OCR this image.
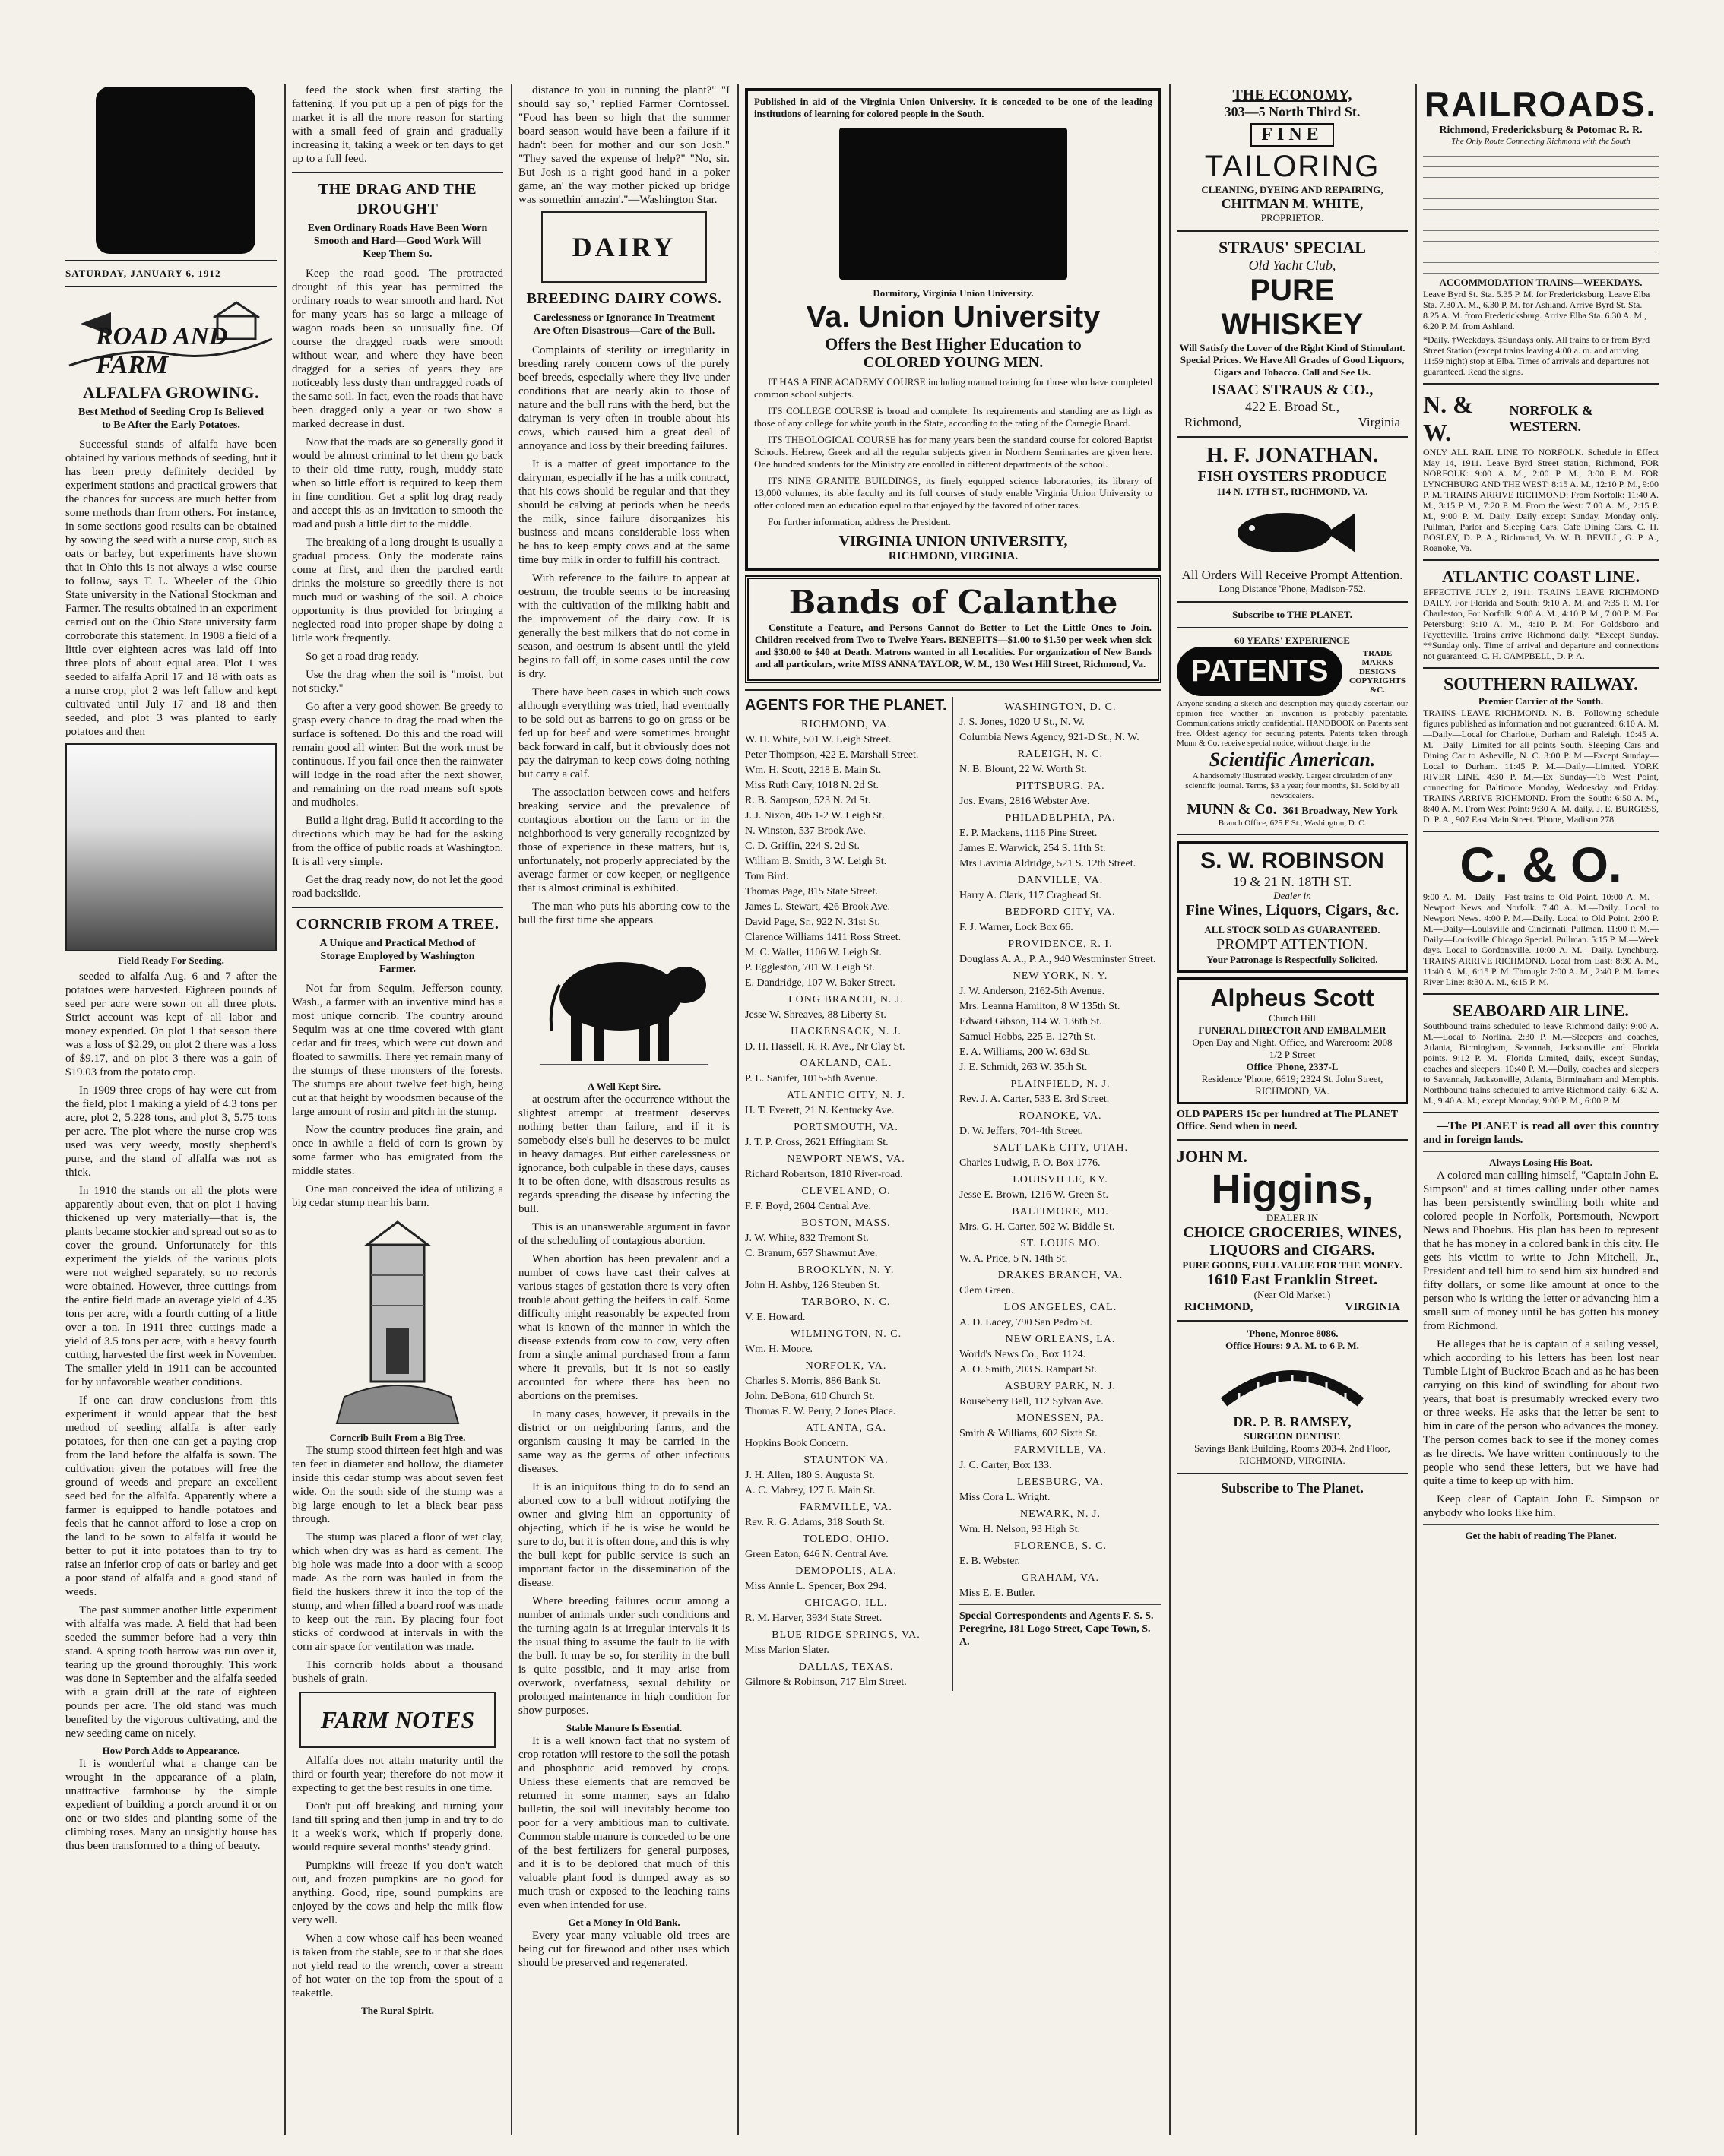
SATURDAY, JANUARY 6, 1912
ROAD AND FARM
ALFALFA GROWING.
Best Method of Seeding Crop Is Believed to Be After the Early Potatoes.

Successful stands of alfalfa have been obtained by various methods of seeding, but it has been pretty definitely decided by experiment stations and practical growers that the chances for success are much better from some methods than from others. For instance, in some sections good results can be obtained by sowing the seed with a nurse crop, such as oats or barley, but experiments have shown that in Ohio this is not always a wise course to follow, says T. L. Wheeler of the Ohio State university in the National Stockman and Farmer. The results obtained in an experiment carried out on the Ohio State university farm corroborate this statement. In 1908 a field of a little over eighteen acres was laid off into three plots of about equal area. Plot 1 was seeded to alfalfa April 17 and 18 with oats as a nurse crop, plot 2 was left fallow and kept cultivated until July 17 and 18 and then seeded, and plot 3 was planted to early potatoes and then

Field Ready For Seeding.

seeded to alfalfa Aug. 6 and 7 after the potatoes were harvested. Eighteen pounds of seed per acre were sown on all three plots. Strict account was kept of all labor and money expended. On plot 1 that season there was a loss of $2.29, on plot 2 there was a loss of $9.17, and on plot 3 there was a gain of $19.03 from the potato crop.

In 1909 three crops of hay were cut from the field, plot 1 making a yield of 4.3 tons per acre, plot 2, 5.228 tons, and plot 3, 5.75 tons per acre. The plot where the nurse crop was used was very weedy, mostly shepherd's purse, and the stand of alfalfa was not as thick.

In 1910 the stands on all the plots were apparently about even, that on plot 1 having thickened up very materially—that is, the plants became stockier and spread out so as to cover the ground. Unfortunately for this experiment the yields of the various plots were not weighed separately, so no records were obtained. However, three cuttings from the entire field made an average yield of 4.35 tons per acre, with a fourth cutting of a little over a ton. In 1911 three cuttings made a yield of 3.5 tons per acre, with a heavy fourth cutting, harvested the first week in November. The smaller yield in 1911 can be accounted for by unfavorable weather conditions.

If one can draw conclusions from this experiment it would appear that the best method of seeding alfalfa is after early potatoes, for then one can get a paying crop from the land before the alfalfa is sown. The cultivation given the potatoes will free the ground of weeds and prepare an excellent seed bed for the alfalfa. Apparently where a farmer is equipped to handle potatoes and feels that he cannot afford to lose a crop on the land to be sown to alfalfa it would be better to put it into potatoes than to try to raise an inferior crop of oats or barley and get a poor stand of alfalfa and a good stand of weeds.

The past summer another little experiment with alfalfa was made. A field that had been seeded the summer before had a very thin stand. A spring tooth harrow was run over it, tearing up the ground thoroughly. This work was done in September and the alfalfa seeded with a grain drill at the rate of eighteen pounds per acre. The old stand was much benefited by the vigorous cultivating, and the new seeding came on nicely.

How Porch Adds to Appearance.

It is wonderful what a change can be wrought in the appearance of a plain, unattractive farmhouse by the simple expedient of building a porch around it or on one or two sides and planting some of the climbing roses. Many an unsightly house has thus been transformed to a thing of beauty.

feed the stock when first starting the fattening. If you put up a pen of pigs for the market it is all the more reason for starting with a small feed of grain and gradually increasing it, taking a week or ten days to get up to a full feed.

THE DRAG AND THE DROUGHT
Even Ordinary Roads Have Been Worn Smooth and Hard—Good Work Will Keep Them So.

Keep the road good. The protracted drought of this year has permitted the ordinary roads to wear smooth and hard. Not for many years has so large a mileage of wagon roads been so unusually fine. Of course the dragged roads were smooth without wear, and where they have been dragged for a series of years they are noticeably less dusty than undragged roads of the same soil. In fact, even the roads that have been dragged only a year or two show a marked decrease in dust.

Now that the roads are so generally good it would be almost criminal to let them go back to their old time rutty, rough, muddy state when so little effort is required to keep them in fine condition. Get a split log drag ready and accept this as an invitation to smooth the road and push a little dirt to the middle.

The breaking of a long drought is usually a gradual process. Only the moderate rains come at first, and then the parched earth drinks the moisture so greedily there is not much mud or washing of the soil. A choice opportunity is thus provided for bringing a neglected road into proper shape by doing a little work frequently.

So get a road drag ready.

Use the drag when the soil is "moist, but not sticky."

Go after a very good shower. Be greedy to grasp every chance to drag the road when the surface is softened. Do this and the road will remain good all winter. But the work must be continuous. If you fail once then the rainwater will lodge in the road after the next shower, and remaining on the road means soft spots and mudholes.

Build a light drag. Build it according to the directions which may be had for the asking from the office of public roads at Washington. It is all very simple.

Get the drag ready now, do not let the good road backslide.

CORNCRIB FROM A TREE.
A Unique and Practical Method of Storage Employed by Washington Farmer.

Not far from Sequim, Jefferson county, Wash., a farmer with an inventive mind has a most unique corncrib. The country around Sequim was at one time covered with giant cedar and fir trees, which were cut down and floated to sawmills. There yet remain many of the stumps of these monsters of the forests. The stumps are about twelve feet high, being cut at that height by woodsmen because of the large amount of rosin and pitch in the stump.

Now the country produces fine grain, and once in awhile a field of corn is grown by some farmer who has emigrated from the middle states.

One man conceived the idea of utilizing a big cedar stump near his barn.

Corncrib Built From a Big Tree.

The stump stood thirteen feet high and was ten feet in diameter and hollow, the diameter inside this cedar stump was about seven feet wide. On the south side of the stump was a big large enough to let a black bear pass through.

The stump was placed a floor of wet clay, which when dry was as hard as cement. The big hole was made into a door with a scoop made. As the corn was hauled in from the field the huskers threw it into the top of the stump, and when filled a board roof was made to keep out the rain. By placing four foot sticks of cordwood at intervals in with the corn air space for ventilation was made.

This corncrib holds about a thousand bushels of grain.

FARM NOTES

Alfalfa does not attain maturity until the third or fourth year; therefore do not mow it expecting to get the best results in one time.

Don't put off breaking and turning your land till spring and then jump in and try to do it a week's work, which if properly done, would require several months' steady grind.

Pumpkins will freeze if you don't watch out, and frozen pumpkins are no good for anything. Good, ripe, sound pumpkins are enjoyed by the cows and help the milk flow very well.

When a cow whose calf has been weaned is taken from the stable, see to it that she does not yield read to the wrench, cover a stream of hot water on the top from the spout of a teakettle.

The Rural Spirit.

distance to you in running the plant?" "I should say so," replied Farmer Corntossel. "Food has been so high that the summer board season would have been a failure if it hadn't been for mother and our son Josh." "They saved the expense of help?" "No, sir. But Josh is a right good hand in a poker game, an' the way mother picked up bridge was somethin' amazin'."—Washington Star.

DAIRY
BREEDING DAIRY COWS.
Carelessness or Ignorance In Treatment Are Often Disastrous—Care of the Bull.

Complaints of sterility or irregularity in breeding rarely concern cows of the purely beef breeds, especially where they live under conditions that are nearly akin to those of nature and the bull runs with the herd, but the dairyman is very often in trouble about his cows, which caused him a great deal of annoyance and loss by their breeding failures.

It is a matter of great importance to the dairyman, especially if he has a milk contract, that his cows should be regular and that they should be calving at periods when he needs the milk, since failure disorganizes his business and means considerable loss when he has to keep empty cows and at the same time buy milk in order to fulfill his contract.

With reference to the failure to appear at oestrum, the trouble seems to be increasing with the cultivation of the milking habit and the improvement of the dairy cow. It is generally the best milkers that do not come in season, and oestrum is absent until the yield begins to fall off, in some cases until the cow is dry.

There have been cases in which such cows although everything was tried, had eventually to be sold out as barrens to go on grass or be fed up for beef and were sometimes brought back forward in calf, but it obviously does not pay the dairyman to keep cows doing nothing but carry a calf.

The association between cows and heifers breaking service and the prevalence of contagious abortion on the farm or in the neighborhood is very generally recognized by those of experience in these matters, but is, unfortunately, not properly appreciated by the average farmer or cow keeper, or negligence that is almost criminal is exhibited.

The man who puts his aborting cow to the bull the first time she appears

A Well Kept Sire.

at oestrum after the occurrence without the slightest attempt at treatment deserves nothing better than failure, and if it is somebody else's bull he deserves to be mulct in heavy damages. But either carelessness or ignorance, both culpable in these days, causes it to be often done, with disastrous results as regards spreading the disease by infecting the bull.

This is an unanswerable argument in favor of the scheduling of contagious abortion.

When abortion has been prevalent and a number of cows have cast their calves at various stages of gestation there is very often trouble about getting the heifers in calf. Some difficulty might reasonably be expected from what is known of the manner in which the disease extends from cow to cow, very often from a single animal purchased from a farm where it prevails, but it is not so easily accounted for where there has been no abortions on the premises.

In many cases, however, it prevails in the district or on neighboring farms, and the organism causing it may be carried in the same way as the germs of other infectious diseases.

It is an iniquitous thing to do to send an aborted cow to a bull without notifying the owner and giving him an opportunity of objecting, which if he is wise he would be sure to do, but it is often done, and this is why the bull kept for public service is such an important factor in the dissemination of the disease.

Where breeding failures occur among a number of animals under such conditions and the turning again is at irregular intervals it is the usual thing to assume the fault to lie with the bull. It may be so, for sterility in the bull is quite possible, and it may arise from overwork, overfatness, sexual debility or prolonged maintenance in high condition for show purposes.

Stable Manure Is Essential.

It is a well known fact that no system of crop rotation will restore to the soil the potash and phosphoric acid removed by crops. Unless these elements that are removed be returned in some manner, says an Idaho bulletin, the soil will inevitably become too poor for a very ambitious man to cultivate. Common stable manure is conceded to be one of the best fertilizers for general purposes, and it is to be deplored that much of this valuable plant food is dumped away as so much trash or exposed to the leaching rains even when intended for use.

Get a Money In Old Bank.

Every year many valuable old trees are being cut for firewood and other uses which should be preserved and regenerated.

Published in aid of the Virginia Union University. It is conceded to be one of the leading institutions of learning for colored people in the South.
Dormitory, Virginia Union University.
Va. Union University
Offers the Best Higher Education to
COLORED YOUNG MEN.

IT HAS A FINE ACADEMY COURSE including manual training for those who have completed common school subjects.

ITS COLLEGE COURSE is broad and complete. Its requirements and standing are as high as those of any college for white youth in the State, according to the rating of the Carnegie Board.

ITS THEOLOGICAL COURSE has for many years been the standard course for colored Baptist Schools. Hebrew, Greek and all the regular subjects given in Northern Seminaries are given here. One hundred students for the Ministry are enrolled in different departments of the school.

ITS NINE GRANITE BUILDINGS, its finely equipped science laboratories, its library of 13,000 volumes, its able faculty and its full courses of study enable Virginia Union University to offer colored men an education equal to that enjoyed by the favored of other races.

For further information, address the President.

VIRGINIA UNION UNIVERSITY,
RICHMOND, VIRGINIA.
Bands of Calanthe

Constitute a Feature, and Persons Cannot do Better to Let the Little Ones to Join. Children received from Two to Twelve Years. BENEFITS—$1.00 to $1.50 per week when sick and $30.00 to $40 at Death. Matrons wanted in all Localities. For organization of New Bands and all particulars, write MISS ANNA TAYLOR, W. M., 130 West Hill Street, Richmond, Va.

AGENTS FOR THE PLANET.
RICHMOND, VA.
W. H. White, 501 W. Leigh Street.
Peter Thompson, 422 E. Marshall Street.
Wm. H. Scott, 2218 E. Main St.
Miss Ruth Cary, 1018 N. 2d St.
R. B. Sampson, 523 N. 2d St.
J. J. Nixon, 405 1-2 W. Leigh St.
N. Winston, 537 Brook Ave.
C. D. Griffin, 224 S. 2d St.
William B. Smith, 3 W. Leigh St.
Tom Bird.
Thomas Page, 815 State Street.
James L. Stewart, 426 Brook Ave.
David Page, Sr., 922 N. 31st St.
Clarence Williams 1411 Ross Street.
M. C. Waller, 1106 W. Leigh St.
P. Eggleston, 701 W. Leigh St.
E. Dandridge, 107 W. Baker Street.
LONG BRANCH, N. J.
Jesse W. Shreaves, 88 Liberty St.
HACKENSACK, N. J.
D. H. Hassell, R. R. Ave., Nr Clay St.
OAKLAND, CAL.
P. L. Sanifer, 1015-5th Avenue.
ATLANTIC CITY, N. J.
H. T. Everett, 21 N. Kentucky Ave.
PORTSMOUTH, VA.
J. T. P. Cross, 2621 Effingham St.
NEWPORT NEWS, VA.
Richard Robertson, 1810 River-road.
CLEVELAND, O.
F. F. Boyd, 2604 Central Ave.
BOSTON, MASS.
J. W. White, 832 Tremont St.
C. Branum, 657 Shawmut Ave.
BROOKLYN, N. Y.
John H. Ashby, 126 Steuben St.
TARBORO, N. C.
V. E. Howard.
WILMINGTON, N. C.
Wm. H. Moore.
NORFOLK, VA.
Charles S. Morris, 886 Bank St.
John. DeBona, 610 Church St.
Thomas E. W. Perry, 2 Jones Place.
ATLANTA, GA.
Hopkins Book Concern.
STAUNTON VA.
J. H. Allen, 180 S. Augusta St.
A. C. Mabrey, 127 E. Main St.
FARMVILLE, VA.
Rev. R. G. Adams, 318 South St.
TOLEDO, OHIO.
Green Eaton, 646 N. Central Ave.
DEMOPOLIS, ALA.
Miss Annie L. Spencer, Box 294.
CHICAGO, ILL.
R. M. Harver, 3934 State Street.
BLUE RIDGE SPRINGS, VA.
Miss Marion Slater.
DALLAS, TEXAS.
Gilmore & Robinson, 717 Elm Street.
WASHINGTON, D. C.
J. S. Jones, 1020 U St., N. W.
Columbia News Agency, 921-D St., N. W.
RALEIGH, N. C.
N. B. Blount, 22 W. Worth St.
PITTSBURG, PA.
Jos. Evans, 2816 Webster Ave.
PHILADELPHIA, PA.
E. P. Mackens, 1116 Pine Street.
James E. Warwick, 254 S. 11th St.
Mrs Lavinia Aldridge, 521 S. 12th Street.
DANVILLE, VA.
Harry A. Clark, 117 Craghead St.
BEDFORD CITY, VA.
F. J. Warner, Lock Box 66.
PROVIDENCE, R. I.
Douglass A. A., P. A., 940 Westminster Street.
NEW YORK, N. Y.
J. W. Anderson, 2162-5th Avenue.
Mrs. Leanna Hamilton, 8 W 135th St.
Edward Gibson, 114 W. 136th St.
Samuel Hobbs, 225 E. 127th St.
E. A. Williams, 200 W. 63d St.
J. E. Schmidt, 263 W. 35th St.
PLAINFIELD, N. J.
Rev. J. A. Carter, 533 E. 3rd Street.
ROANOKE, VA.
D. W. Jeffers, 704-4th Street.
SALT LAKE CITY, UTAH.
Charles Ludwig, P. O. Box 1776.
LOUISVILLE, KY.
Jesse E. Brown, 1216 W. Green St.
BALTIMORE, MD.
Mrs. G. H. Carter, 502 W. Biddle St.
ST. LOUIS MO.
W. A. Price, 5 N. 14th St.
DRAKES BRANCH, VA.
Clem Green.
LOS ANGELES, CAL.
A. D. Lacey, 790 San Pedro St.
NEW ORLEANS, LA.
World's News Co., Box 1124.
A. O. Smith, 203 S. Rampart St.
ASBURY PARK, N. J.
Rouseberry Bell, 112 Sylvan Ave.
MONESSEN, PA.
Smith & Williams, 602 Sixth St.
FARMVILLE, VA.
J. C. Carter, Box 133.
LEESBURG, VA.
Miss Cora L. Wright.
NEWARK, N. J.
Wm. H. Nelson, 93 High St.
FLORENCE, S. C.
E. B. Webster.
GRAHAM, VA.
Miss E. E. Butler.
Special Correspondents and Agents F. S. S. Peregrine, 181 Logo Street, Cape Town, S. A.
THE ECONOMY,
303—5 North Third St.
FINE
TAILORING
CLEANING, DYEING AND REPAIRING,
CHITMAN M. WHITE,
PROPRIETOR.
STRAUS' SPECIAL
Old Yacht Club,
PURE WHISKEY
Will Satisfy the Lover of the Right Kind of Stimulant. Special Prices. We Have All Grades of Good Liquors, Cigars and Tobacco. Call and See Us.
ISAAC STRAUS & CO.,
422 E. Broad St.,
Richmond,	Virginia
H. F. JONATHAN.
FISH OYSTERS PRODUCE
114 N. 17TH ST., RICHMOND, VA.
All Orders Will Receive Prompt Attention.
Long Distance 'Phone, Madison-752.
Subscribe to THE PLANET.
60 YEARS' EXPERIENCE
PATENTS
TRADE MARKS
DESIGNS
COPYRIGHTS &C.
Anyone sending a sketch and description may quickly ascertain our opinion free whether an invention is probably patentable. Communications strictly confidential. HANDBOOK on Patents sent free. Oldest agency for securing patents. Patents taken through Munn & Co. receive special notice, without charge, in the
Scientific American.
A handsomely illustrated weekly. Largest circulation of any scientific journal. Terms, $3 a year; four months, $1. Sold by all newsdealers.
MUNN & Co. 361 Broadway, New York
Branch Office, 625 F St., Washington, D. C.
S. W. ROBINSON
19 & 21 N. 18TH ST.
Dealer in
Fine Wines, Liquors, Cigars, &c.
ALL STOCK SOLD AS GUARANTEED.
PROMPT ATTENTION.
Your Patronage is Respectfully Solicited.
Alpheus Scott
Church Hill
FUNERAL DIRECTOR AND EMBALMER
Open Day and Night. Office, and Wareroom: 2008 1/2 P Street
Office 'Phone, 2337-L
Residence 'Phone, 6619; 2324 St. John Street, RICHMOND, VA.
OLD PAPERS 15c per hundred at The PLANET Office. Send when in need.
JOHN M.
Higgins,
DEALER IN
CHOICE GROCERIES, WINES, LIQUORS and CIGARS.
PURE GOODS, FULL VALUE FOR THE MONEY.
1610 East Franklin Street.
(Near Old Market.)
RICHMOND,	VIRGINIA
'Phone, Monroe 8086.
Office Hours: 9 A. M. to 6 P. M.
DR. P. B. RAMSEY,
SURGEON DENTIST.
Savings Bank Building, Rooms 203-4, 2nd Floor, RICHMOND, VIRGINIA.
Subscribe to The Planet.
RAILROADS.
Richmond, Fredericksburg & Potomac R. R.
The Only Route Connecting Richmond with the South

ACCOMMODATION TRAINS—WEEKDAYS.
Leave Byrd St. Sta. 5.35 P. M. for Fredericksburg. Leave Elba Sta. 7.30 A. M., 6.30 P. M. for Ashland. Arrive Byrd St. Sta. 8.25 A. M. from Fredericksburg. Arrive Elba Sta. 6.30 A. M., 6.20 P. M. from Ashland.
*Daily. †Weekdays. ‡Sundays only. All trains to or from Byrd Street Station (except trains leaving 4:00 a. m. and arriving 11:59 night) stop at Elba. Times of arrivals and departures not guaranteed. Read the signs.
N. & W.
NORFOLK & WESTERN.
ONLY ALL RAIL LINE TO NORFOLK. Schedule in Effect May 14, 1911. Leave Byrd Street station, Richmond, FOR NORFOLK: 9:00 A. M., 2:00 P. M., 3:00 P. M. FOR LYNCHBURG AND THE WEST: 8:15 A. M., 12:10 P. M., 9:00 P. M. TRAINS ARRIVE RICHMOND: From Norfolk: 11:40 A. M., 3:15 P. M., 7:20 P. M. From the West: 7:00 A. M., 2:15 P. M., 9:00 P. M. Daily. Daily except Sunday. Monday only. Pullman, Parlor and Sleeping Cars. Cafe Dining Cars. C. H. BOSLEY, D. P. A., Richmond, Va. W. B. BEVILL, G. P. A., Roanoke, Va.
ATLANTIC COAST LINE.
EFFECTIVE JULY 2, 1911. TRAINS LEAVE RICHMOND DAILY. For Florida and South: 9:10 A. M. and 7:35 P. M. For Charleston, For Norfolk: 9:00 A. M., 4:10 P. M., 7:00 P. M. For Petersburg: 9:10 A. M., 4:10 P. M. For Goldsboro and Fayetteville. Trains arrive Richmond daily. *Except Sunday. **Sunday only. Time of arrival and departure and connections not guaranteed. C. H. CAMPBELL, D. P. A.
SOUTHERN RAILWAY.
Premier Carrier of the South.
TRAINS LEAVE RICHMOND. N. B.—Following schedule figures published as information and not guaranteed: 6:10 A. M.—Daily—Local for Charlotte, Durham and Raleigh. 10:45 A. M.—Daily—Limited for all points South. Sleeping Cars and Dining Car to Asheville, N. C. 3:00 P. M.—Except Sunday—Local to Durham. 11:45 P. M.—Daily—Limited. YORK RIVER LINE. 4:30 P. M.—Ex Sunday—To West Point, connecting for Baltimore Monday, Wednesday and Friday. TRAINS ARRIVE RICHMOND. From the South: 6:50 A. M., 8:40 A. M. From West Point: 9:30 A. M. daily. J. E. BURGESS, D. P. A., 907 East Main Street. 'Phone, Madison 278.
C. & O.
9:00 A. M.—Daily—Fast trains to Old Point. 10:00 A. M.—Newport News and Norfolk. 7:40 A. M.—Daily. Local to Newport News. 4:00 P. M.—Daily. Local to Old Point. 2:00 P. M.—Daily—Louisville and Cincinnati. Pullman. 11:00 P. M.—Daily—Louisville Chicago Special. Pullman. 5:15 P. M.—Week days. Local to Gordonsville. 10:00 A. M.—Daily. Lynchburg. TRAINS ARRIVE RICHMOND. Local from East: 8:30 A. M., 11:40 A. M., 6:15 P. M. Through: 7:00 A. M., 2:40 P. M. James River Line: 8:30 A. M., 6:15 P. M.
SEABOARD AIR LINE.
Southbound trains scheduled to leave Richmond daily: 9:00 A. M.—Local to Norlina. 2:30 P. M.—Sleepers and coaches, Atlanta, Birmingham, Savannah, Jacksonville and Florida points. 9:12 P. M.—Florida Limited, daily, except Sunday, coaches and sleepers. 10:40 P. M.—Daily, coaches and sleepers to Savannah, Jacksonville, Atlanta, Birmingham and Memphis. Northbound trains scheduled to arrive Richmond daily: 6:32 A. M., 9:40 A. M.; except Monday, 9:00 P. M., 6:00 P. M.

—The PLANET is read all over this country and in foreign lands.

Always Losing His Boat.

A colored man calling himself, "Captain John E. Simpson" and at times calling under other names has been persistently swindling both white and colored people in Norfolk, Portsmouth, Newport News and Phoebus. His plan has been to represent that he has money in a colored bank in this city. He gets his victim to write to John Mitchell, Jr., President and tell him to send him six hundred and fifty dollars, or some like amount at once to the person who is writing the letter or advancing him a small sum of money until he has gotten his money from Richmond.

He alleges that he is captain of a sailing vessel, which according to his letters has been lost near Tumble Light of Buckroe Beach and as he has been carrying on this kind of swindling for about two years, that boat is presumably wrecked every two or three weeks. He asks that the letter be sent to him in care of the person who advances the money. The person comes back to see if the money comes as he directs. We have written continuously to the people who send these letters, but we have had quite a time to keep up with him.

Keep clear of Captain John E. Simpson or anybody who looks like him.

Get the habit of reading The Planet.
